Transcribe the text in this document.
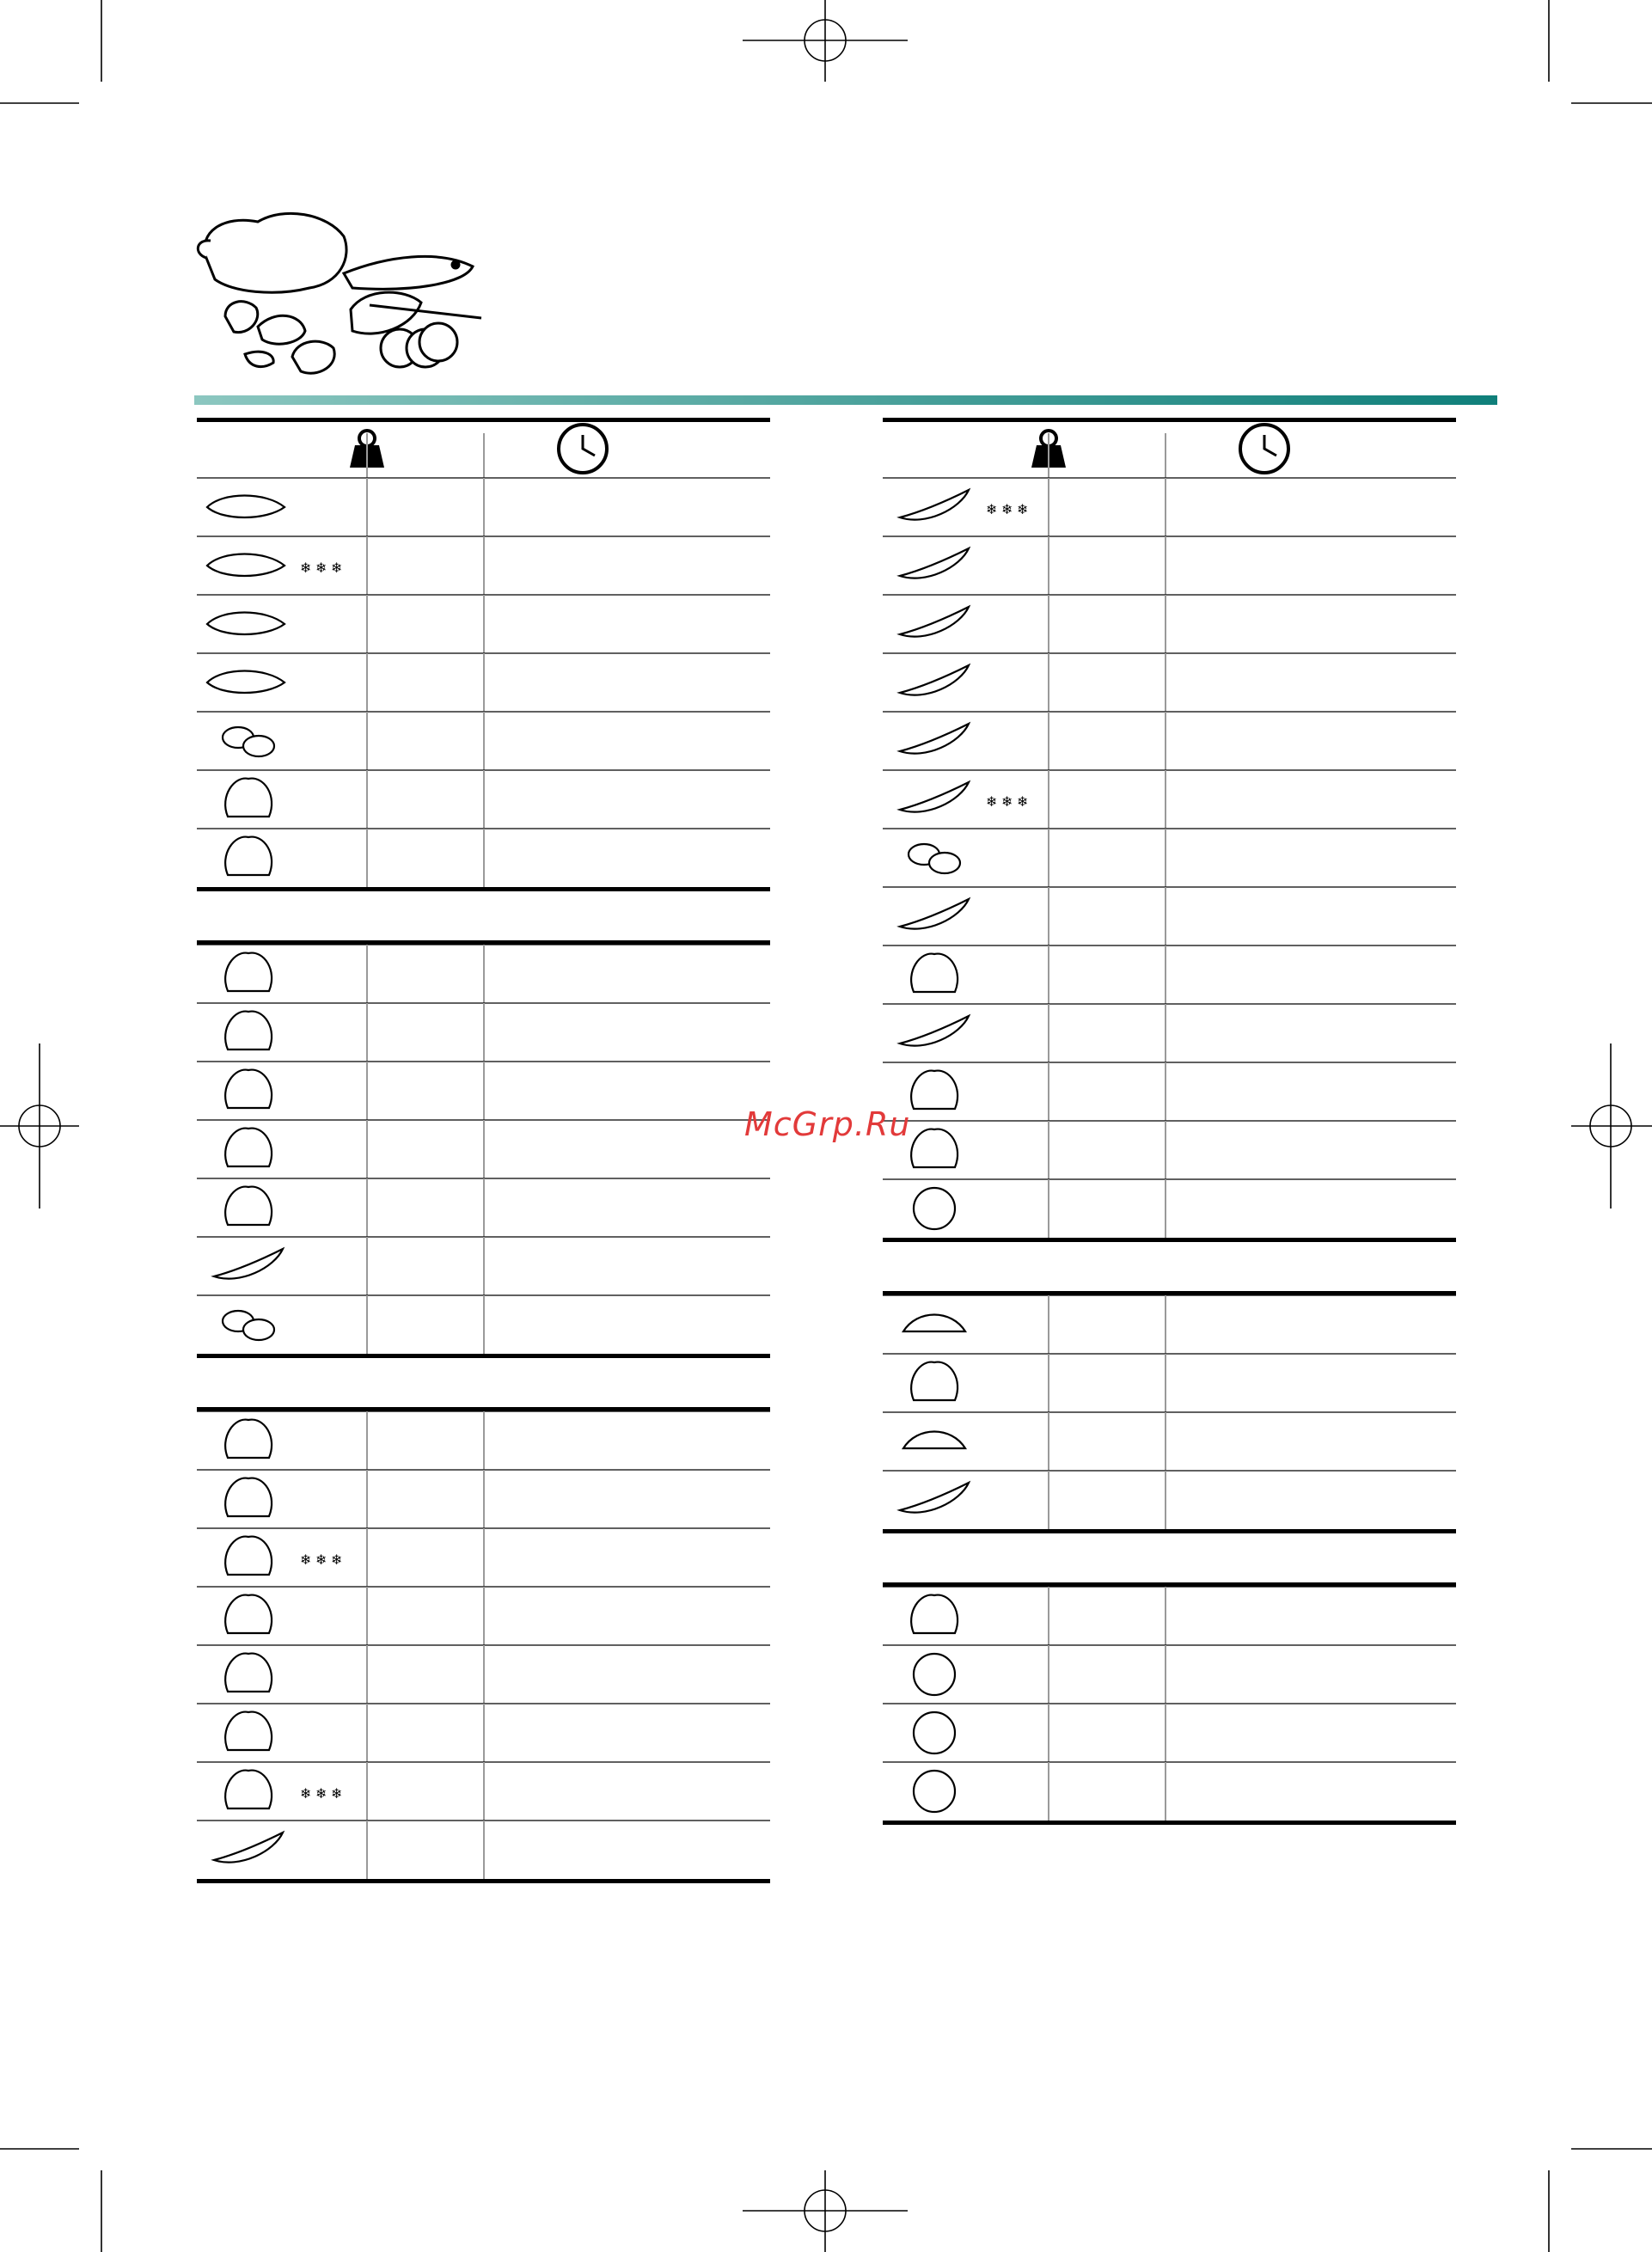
❄ ❄ ❄
❄ ❄ ❄
❄ ❄ ❄
❄ ❄ ❄
❄ ❄ ❄
McGrp.Ru
